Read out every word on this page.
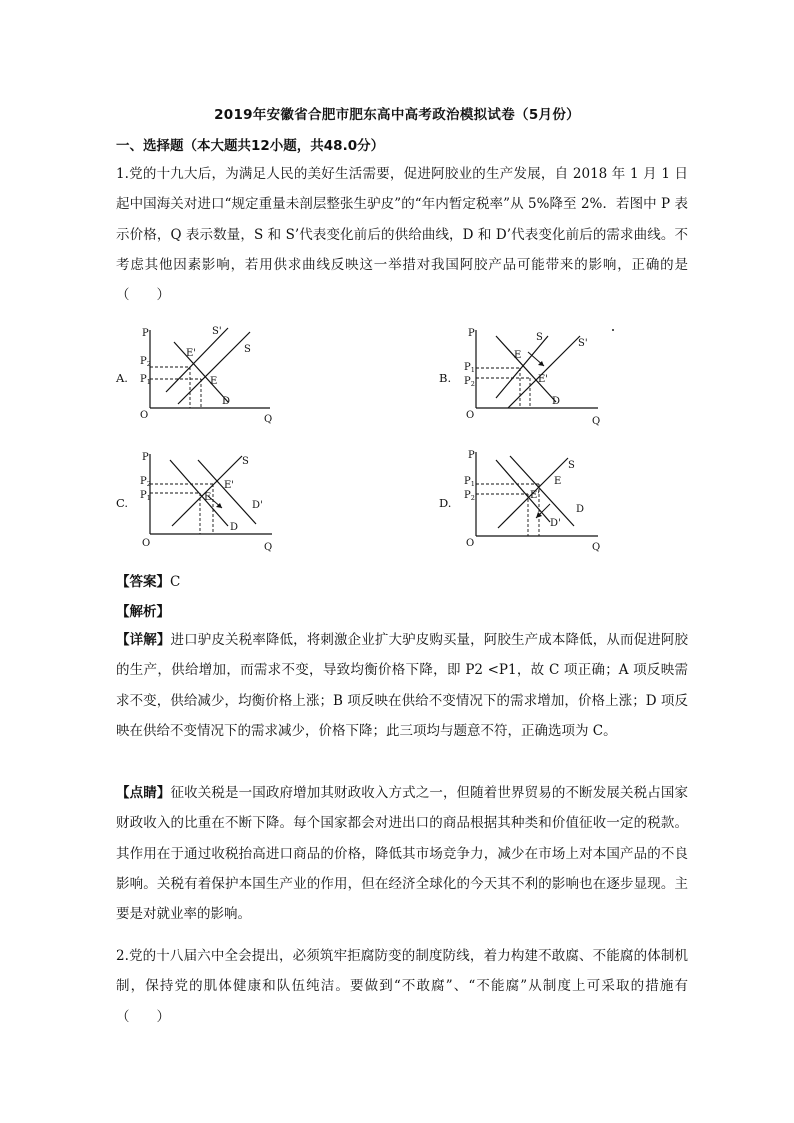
2019年安徽省合肥市肥东高中高考政治模拟试卷（5月份）
一、选择题（本大题共12小题，共48.0分）
1.党的十九大后，为满足人民的美好生活需要，促进阿胶业的生产发展，自 2018 年 1 月 1 日起中国海关对进口“规定重量未剖层整张生驴皮”的“年内暂定税率”从 5%降至 2%．若图中 P 表示价格，Q 表示数量，S 和 S’代表变化前后的供给曲线，D 和 D’代表变化前后的需求曲线。不考虑其他因素影响，若用供求曲线反映这一举措对我国阿胶产品可能带来的影响，正确的是（　　）
A.
P
$P_2$
$P_1$
O	Q
S'
S
E'
E
D
B.
P
$P_1$
$P_2$
O
Q
S
S'
E
E'
D
C.
P
$P_2$
$P_1$
O	Q
S
E'
E
D'
D
D.
P
$P_1$
$P_2$
O	Q
S
E
E'
D
D'
【答案】C
【解析】
【详解】进口驴皮关税率降低，将刺激企业扩大驴皮购买量，阿胶生产成本降低，从而促进阿胶的生产，供给增加，而需求不变，导致均衡价格下降，即 P2 <P1，故 C 项正确；A 项反映需求不变，供给减少，均衡价格上涨；B 项反映在供给不变情况下的需求增加，价格上涨；D 项反映在供给不变情况下的需求减少，价格下降；此三项均与题意不符，正确选项为 C。
【点睛】征收关税是一国政府增加其财政收入方式之一，但随着世界贸易的不断发展关税占国家财政收入的比重在不断下降。每个国家都会对进出口的商品根据其种类和价值征收一定的税款。其作用在于通过收税抬高进口商品的价格，降低其市场竞争力，减少在市场上对本国产品的不良影响。关税有着保护本国生产业的作用，但在经济全球化的今天其不利的影响也在逐步显现。主要是对就业率的影响。
2.党的十八届六中全会提出，必须筑牢拒腐防变的制度防线，着力构建不敢腐、不能腐的体制机制，保持党的肌体健康和队伍纯洁。要做到“不敢腐”、“不能腐”从制度上可采取的措施有（　　）
